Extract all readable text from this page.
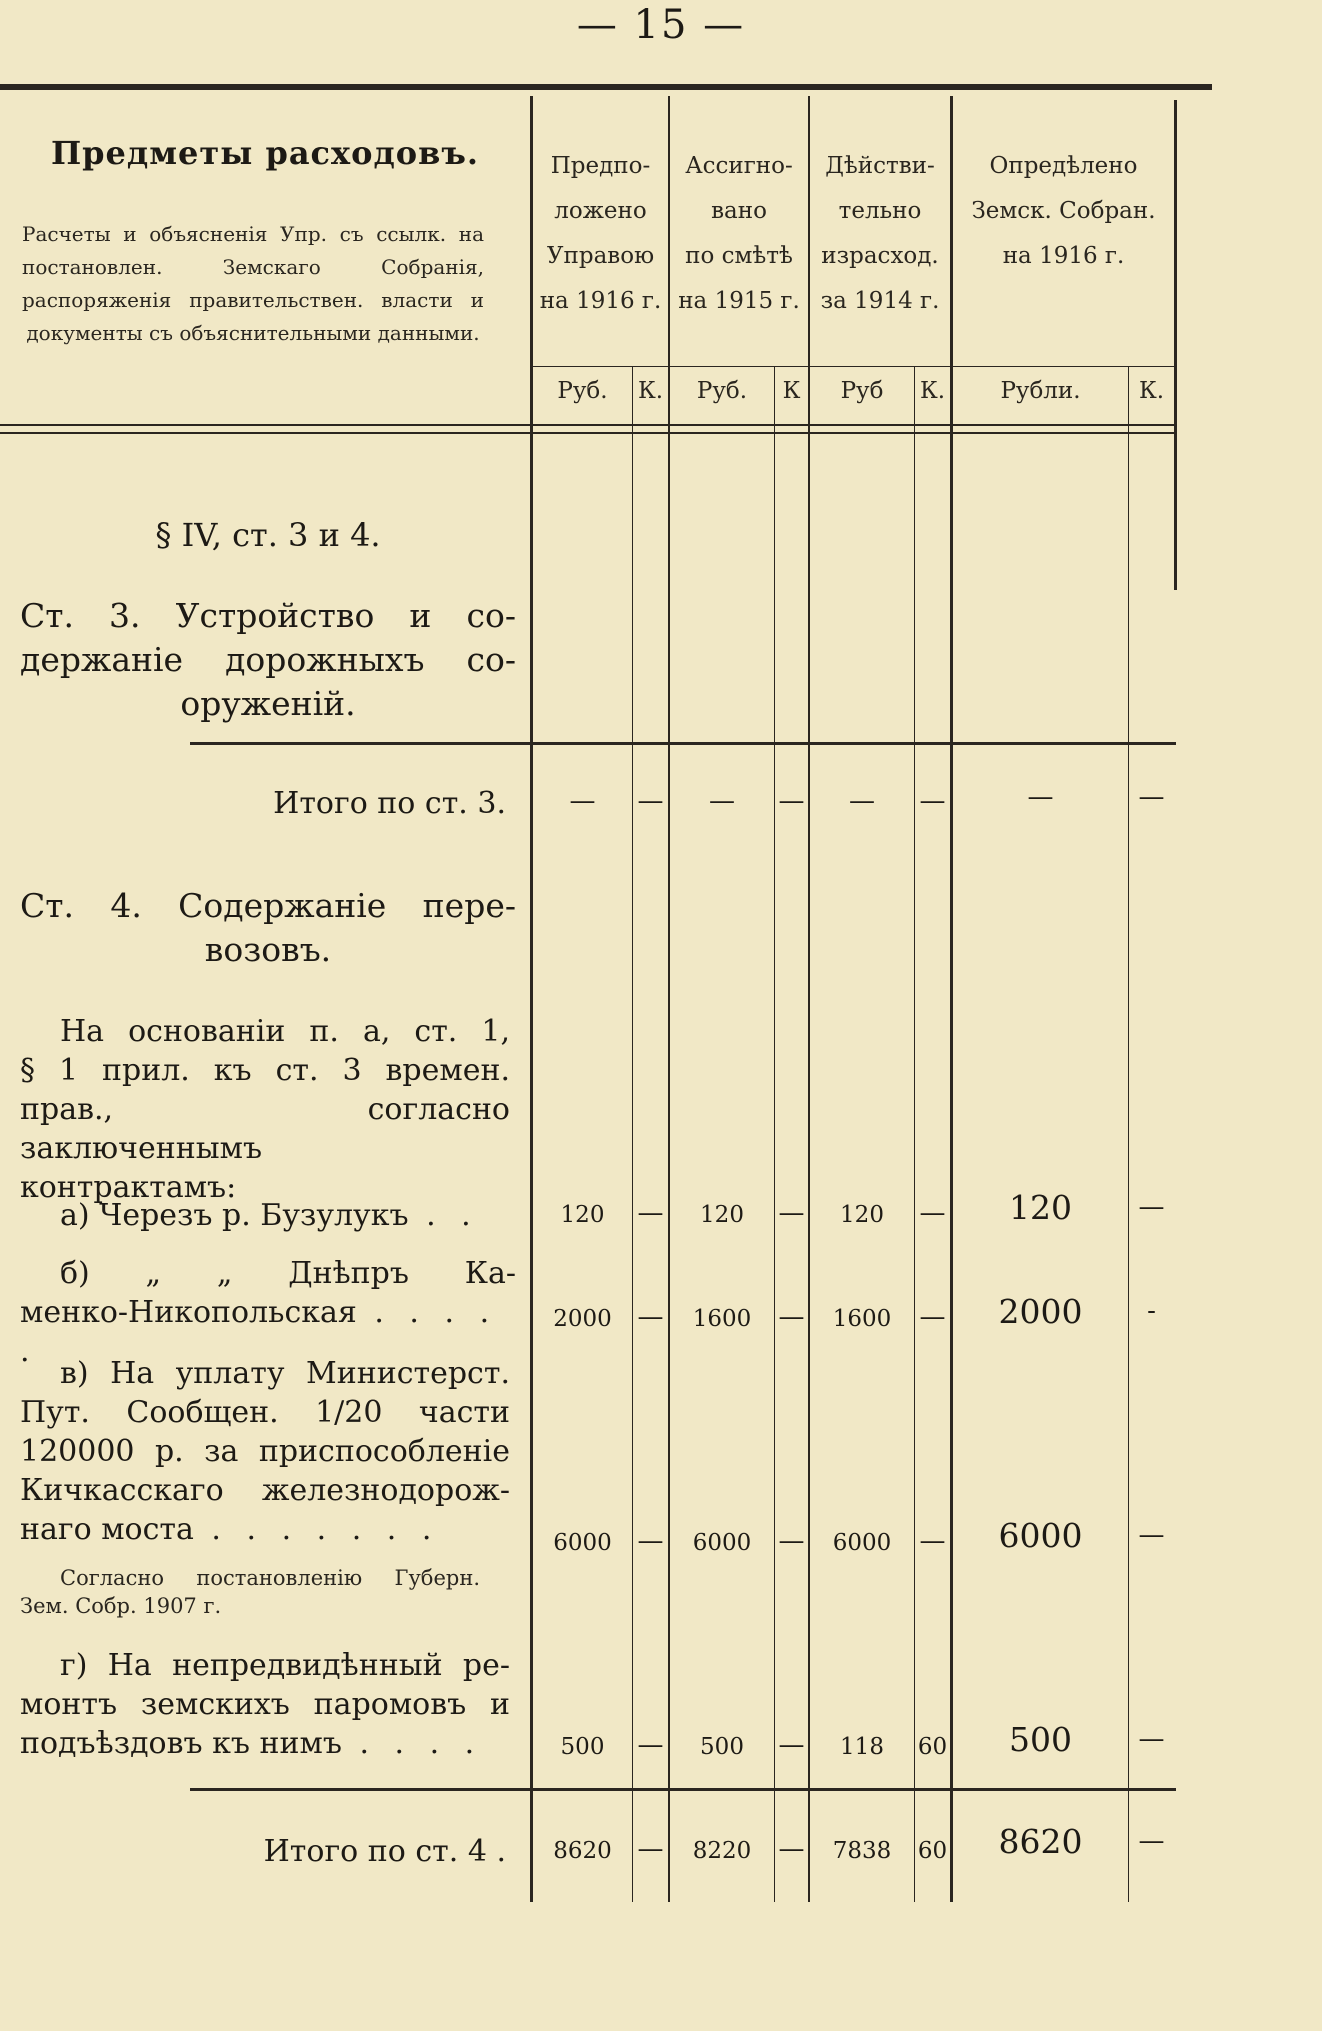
— 15 —
Предметы расходовъ.
Расчеты и объясненія Упр. съ ссылк. на постановлен. Земскаго Собранія, распоряженія правительствен. власти и документы съ объяснительными данными.
Предпо-
ложено
Управою
на 1916 г.
Ассигно-
вано
по смѣтѣ
на 1915 г.
Дѣйстви-
тельно
израсход.
за 1914 г.
Опредѣлено
Земск. Собран.
на 1916 г.
Руб.	К.	Руб.	К	Руб	К.	Рубли.	К.
§ IV, ст. 3 и 4.
Ст. 3. Устройство и со-
держаніе дорожныхъ со-
оруженій.
Итого по ст. 3.
Ст. 4. Содержаніе пере-
возовъ.
На основаніи п. а, ст. 1,
§ 1 прил. къ ст. 3 времен.
прав., согласно заключеннымъ
контрактамъ:
а) Черезъ р. Бузулукъ . .
б) „ „ Днѣпръ Ка-
менко-Никопольская . . . . .
в) На уплату Министерст.
Пут. Сообщен. 1/20 части
120000 р. за приспособленіе
Кичкасскаго железнодорож-
наго моста . . . . . . .
Согласно постановленію Губерн.
Зем. Собр. 1907 г.
г) На непредвидѣнный ре-
монтъ земскихъ паромовъ и
подъѣздовъ къ нимъ . . . .
Итого по ст. 4 .
—	—	—	—	—	—	—	—
120	—	120	—	120	—	120	—
2000 —	1600	—	1600	—	2000	-
6000 —	6000	—	6000	—	6000	—
500	—	500	—	118	60	500	—
8620 —	8220	—	7838	60	8620	—
